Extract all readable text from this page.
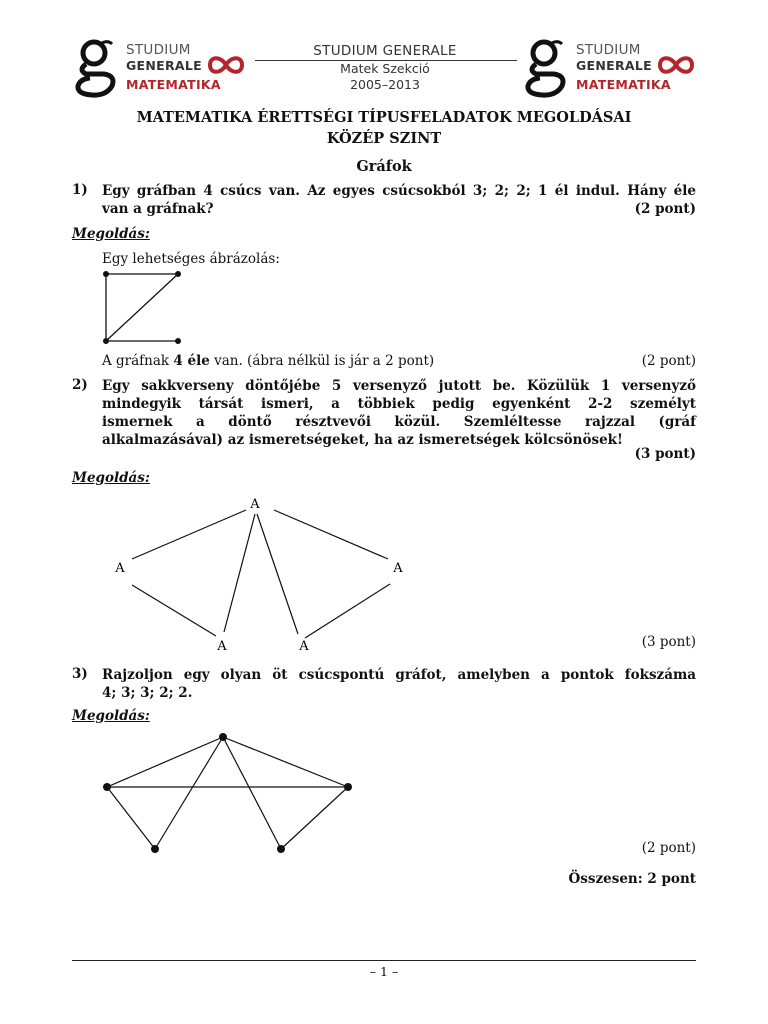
STUDIUM
GENERALE
MATEMATIKA
STUDIUM GENERALE
Matek Szekció
2005–2013
STUDIUM
GENERALE
MATEMATIKA
MATEMATIKA ÉRETTSÉGI TÍPUSFELADATOK MEGOLDÁSAI
KÖZÉP SZINT
Gráfok
1) Egy gráfban 4 csúcs van. Az egyes csúcsokból 3; 2; 2; 1 él indul. Hány éle
van a gráfnak?	(2 pont)
Megoldás:
Egy lehetséges ábrázolás:
A gráfnak 4 éle van. (ábra nélkül is jár a 2 pont)	(2 pont)
2) Egy sakkverseny döntőjébe 5 versenyző jutott be. Közülük 1 versenyző
mindegyik társát ismeri, a többiek pedig egyenként 2-2 személyt
ismernek a döntő résztvevői közül. Szemléltesse rajzzal (gráf
alkalmazásával) az ismeretségeket, ha az ismeretségek kölcsönösek!
(3 pont)
Megoldás:
A
A	A
A	A	(3 pont)
3) Rajzoljon egy olyan öt csúcspontú gráfot, amelyben a pontok fokszáma
4; 3; 3; 2; 2.
Megoldás:
(2 pont)
Összesen: 2 pont
– 1 –
